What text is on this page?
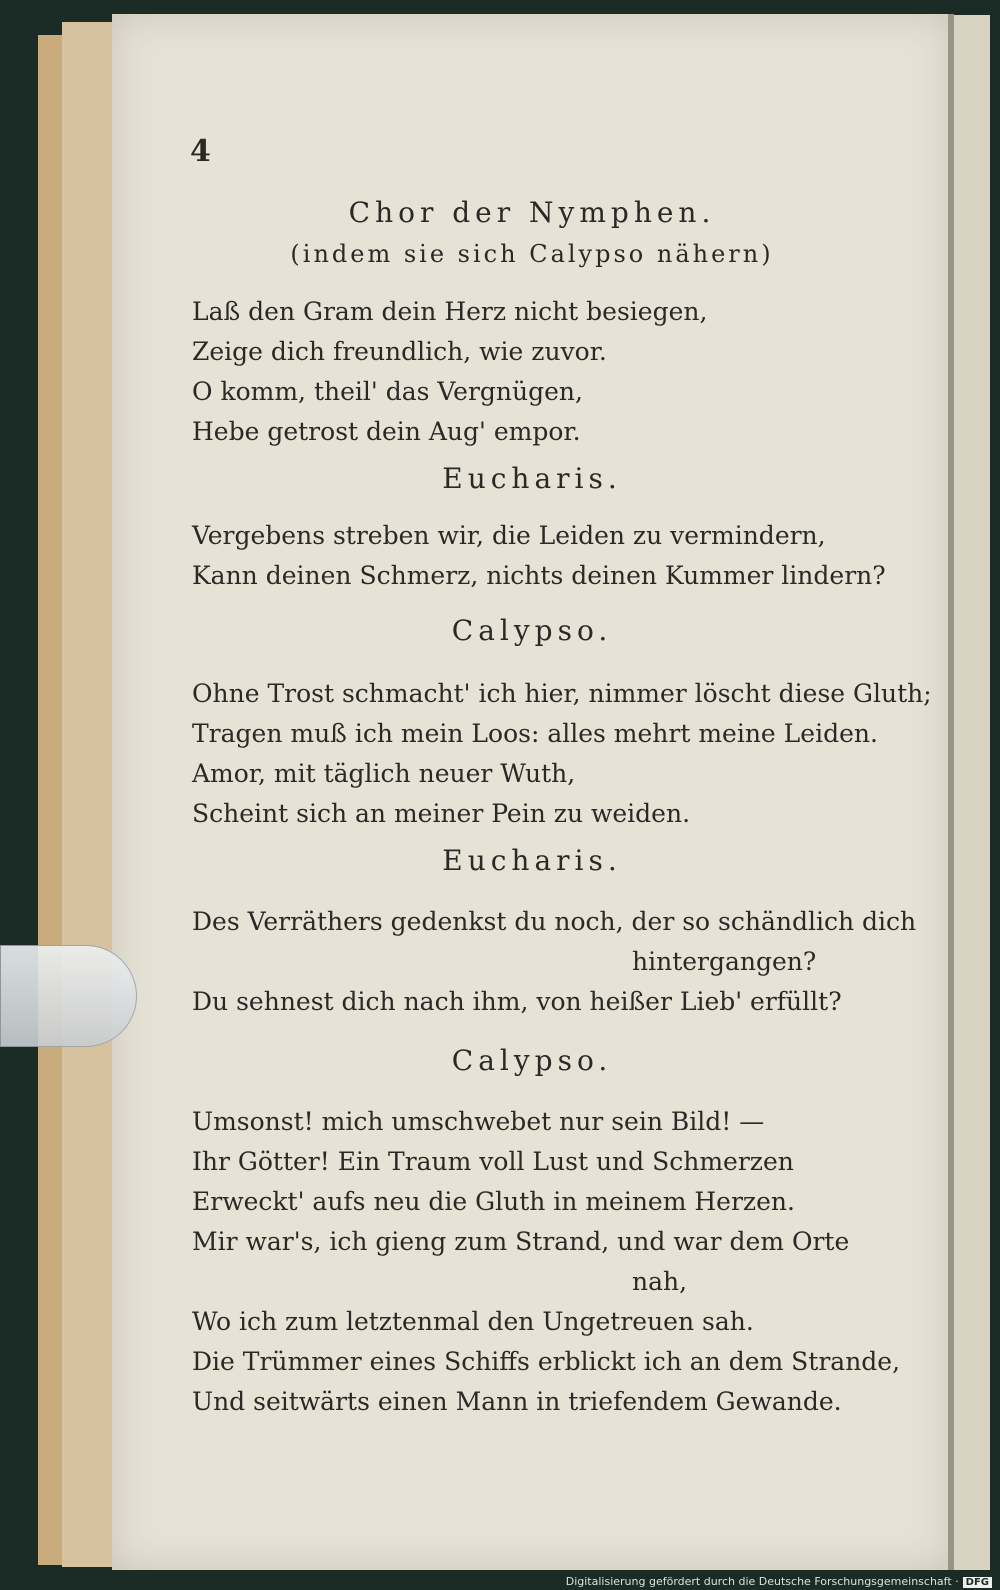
4
Chor der Nymphen.
(indem sie sich Calypso nähern)
Laß den Gram dein Herz nicht besiegen,
Zeige dich freundlich, wie zuvor.
O komm, theil' das Vergnügen,
Hebe getrost dein Aug' empor.
Eucharis.
Vergebens streben wir, die Leiden zu vermindern,
Kann deinen Schmerz, nichts deinen Kummer lindern?
Calypso.
Ohne Trost schmacht' ich hier, nimmer löscht diese Gluth;
Tragen muß ich mein Loos: alles mehrt meine Leiden.
Amor, mit täglich neuer Wuth,
Scheint sich an meiner Pein zu weiden.
Eucharis.
Des Verräthers gedenkst du noch, der so schändlich dich
hintergangen?
Du sehnest dich nach ihm, von heißer Lieb' erfüllt?
Calypso.
Umsonst! mich umschwebet nur sein Bild! —
Ihr Götter! Ein Traum voll Lust und Schmerzen
Erweckt' aufs neu die Gluth in meinem Herzen.
Mir war's, ich gieng zum Strand, und war dem Orte
nah,
Wo ich zum letztenmal den Ungetreuen sah.
Die Trümmer eines Schiffs erblickt ich an dem Strande,
Und seitwärts einen Mann in triefendem Gewande.
Digitalisierung gefördert durch die Deutsche Forschungsgemeinschaft · DFG
